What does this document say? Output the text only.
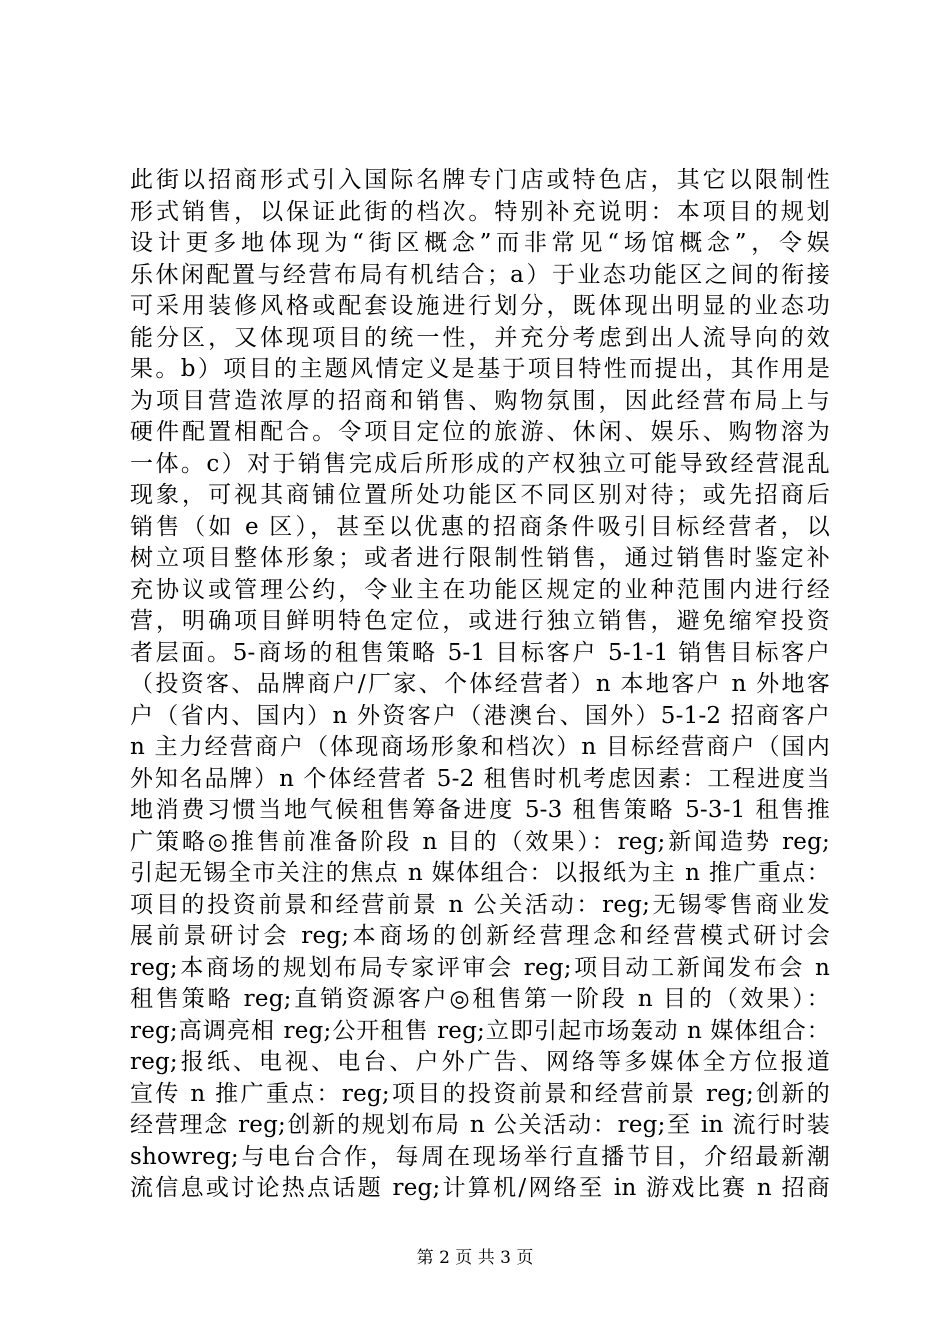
此街以招商形式引入国际名牌专门店或特色店，其它以限制性
形式销售，以保证此街的档次。特别补充说明：本项目的规划
设计更多地体现为“街区概念”而非常见“场馆概念”，令娱
乐休闲配置与经营布局有机结合；a）于业态功能区之间的衔接
可采用装修风格或配套设施进行划分，既体现出明显的业态功
能分区，又体现项目的统一性，并充分考虑到出人流导向的效
果。b）项目的主题风情定义是基于项目特性而提出，其作用是
为项目营造浓厚的招商和销售、购物氛围，因此经营布局上与
硬件配置相配合。令项目定位的旅游、休闲、娱乐、购物溶为
一体。c）对于销售完成后所形成的产权独立可能导致经营混乱
现象，可视其商铺位置所处功能区不同区别对待；或先招商后
销售（如 e 区），甚至以优惠的招商条件吸引目标经营者，以
树立项目整体形象；或者进行限制性销售，通过销售时鉴定补
充协议或管理公约，令业主在功能区规定的业种范围内进行经
营，明确项目鲜明特色定位，或进行独立销售，避免缩窄投资
者层面。5-商场的租售策略 5-1 目标客户 5-1-1 销售目标客户
（投资客、品牌商户/厂家、个体经营者）n 本地客户 n 外地客
户（省内、国内）n 外资客户（港澳台、国外）5-1-2 招商客户
n 主力经营商户（体现商场形象和档次）n 目标经营商户（国内
外知名品牌）n 个体经营者 5-2 租售时机考虑因素：工程进度当
地消费习惯当地气候租售筹备进度 5-3 租售策略 5-3-1 租售推
广策略◎推售前准备阶段 n 目的（效果）：reg;新闻造势 reg;
引起无锡全市关注的焦点 n 媒体组合：以报纸为主 n 推广重点：
项目的投资前景和经营前景 n 公关活动：reg;无锡零售商业发
展前景研讨会 reg;本商场的创新经营理念和经营模式研讨会
reg;本商场的规划布局专家评审会 reg;项目动工新闻发布会 n
租售策略 reg;直销资源客户◎租售第一阶段 n 目的（效果）：
reg;高调亮相 reg;公开租售 reg;立即引起市场轰动 n 媒体组合：
reg;报纸、电视、电台、户外广告、网络等多媒体全方位报道
宣传 n 推广重点：reg;项目的投资前景和经营前景 reg;创新的
经营理念 reg;创新的规划布局 n 公关活动：reg;至 in 流行时装
showreg;与电台合作，每周在现场举行直播节目，介绍最新潮
流信息或讨论热点话题 reg;计算机/网络至 in 游戏比赛 n 招商
第 2 页 共 3 页
